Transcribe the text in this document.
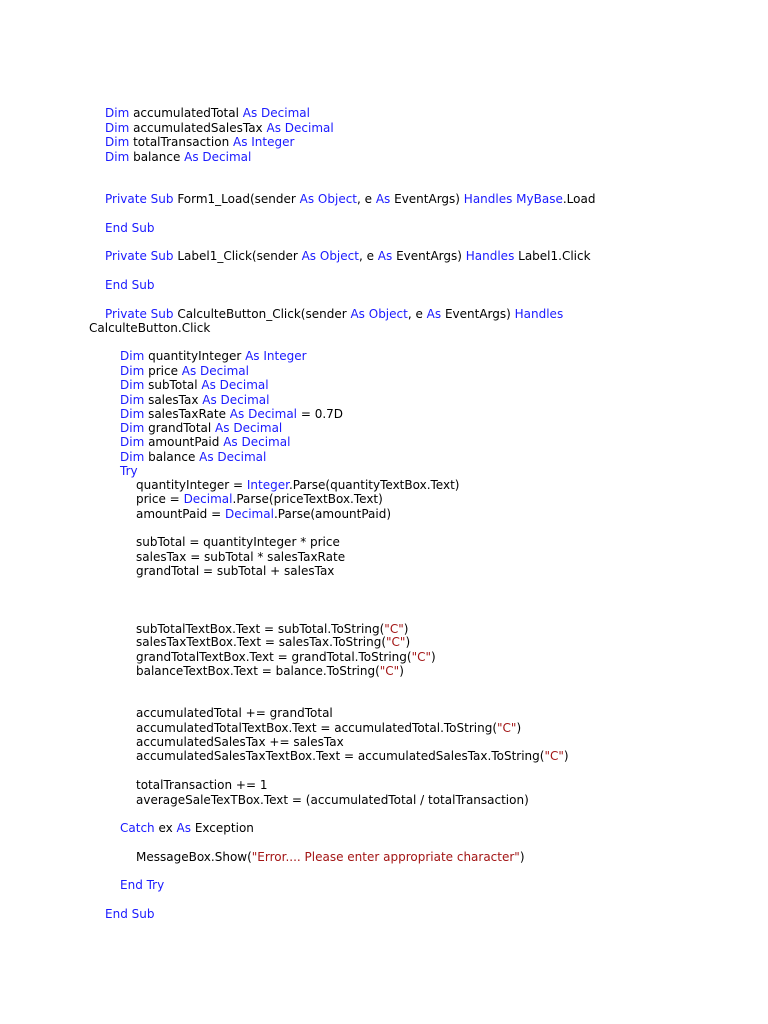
Dim accumulatedTotal As Decimal
Dim accumulatedSalesTax As Decimal
Dim totalTransaction As Integer
Dim balance As Decimal
Private Sub Form1_Load(sender As Object, e As EventArgs) Handles MyBase.Load
End Sub
Private Sub Label1_Click(sender As Object, e As EventArgs) Handles Label1.Click
End Sub
Private Sub CalculteButton_Click(sender As Object, e As EventArgs) Handles
CalculteButton.Click
Dim quantityInteger As Integer
Dim price As Decimal
Dim subTotal As Decimal
Dim salesTax As Decimal
Dim salesTaxRate As Decimal = 0.7D
Dim grandTotal As Decimal
Dim amountPaid As Decimal
Dim balance As Decimal
Try
quantityInteger = Integer.Parse(quantityTextBox.Text)
price = Decimal.Parse(priceTextBox.Text)
amountPaid = Decimal.Parse(amountPaid)
subTotal = quantityInteger * price
salesTax = subTotal * salesTaxRate
grandTotal = subTotal + salesTax
subTotalTextBox.Text = subTotal.ToString("C")
salesTaxTextBox.Text = salesTax.ToString("C")
grandTotalTextBox.Text = grandTotal.ToString("C")
balanceTextBox.Text = balance.ToString("C")
accumulatedTotal += grandTotal
accumulatedTotalTextBox.Text = accumulatedTotal.ToString("C")
accumulatedSalesTax += salesTax
accumulatedSalesTaxTextBox.Text = accumulatedSalesTax.ToString("C")
totalTransaction += 1
averageSaleTexTBox.Text = (accumulatedTotal / totalTransaction)
Catch ex As Exception
MessageBox.Show("Error.... Please enter appropriate character")
End Try
End Sub
